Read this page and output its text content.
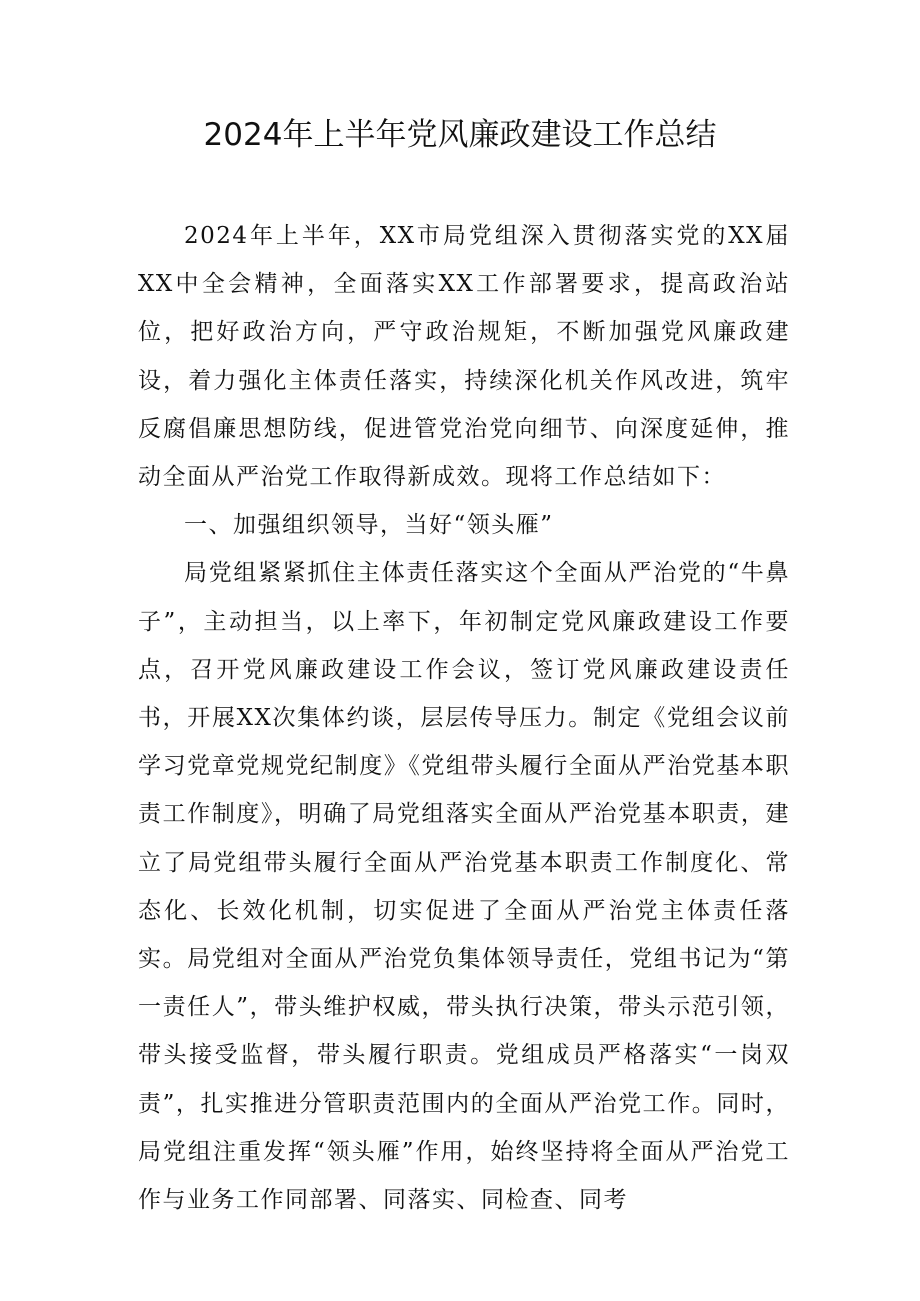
2024年上半年党风廉政建设工作总结

2024年上半年，XX市局党组深入贯彻落实党的XX届XX中全会精神，全面落实XX工作部署要求，提高政治站位，把好政治方向，严守政治规矩，不断加强党风廉政建设，着力强化主体责任落实，持续深化机关作风改进，筑牢反腐倡廉思想防线，促进管党治党向细节、向深度延伸，推动全面从严治党工作取得新成效。现将工作总结如下：

一、加强组织领导，当好“领头雁”

局党组紧紧抓住主体责任落实这个全面从严治党的“牛鼻子”，主动担当，以上率下，年初制定党风廉政建设工作要点，召开党风廉政建设工作会议，签订党风廉政建设责任书，开展XX次集体约谈，层层传导压力。制定《党组会议前学习党章党规党纪制度》《党组带头履行全面从严治党基本职责工作制度》，明确了局党组落实全面从严治党基本职责，建立了局党组带头履行全面从严治党基本职责工作制度化、常态化、长效化机制，切实促进了全面从严治党主体责任落实。局党组对全面从严治党负集体领导责任，党组书记为“第一责任人”，带头维护权威，带头执行决策，带头示范引领，带头接受监督，带头履行职责。党组成员严格落实“一岗双责”，扎实推进分管职责范围内的全面从严治党工作。同时，局党组注重发挥“领头雁”作用，始终坚持将全面从严治党工作与业务工作同部署、同落实、同检查、同考
